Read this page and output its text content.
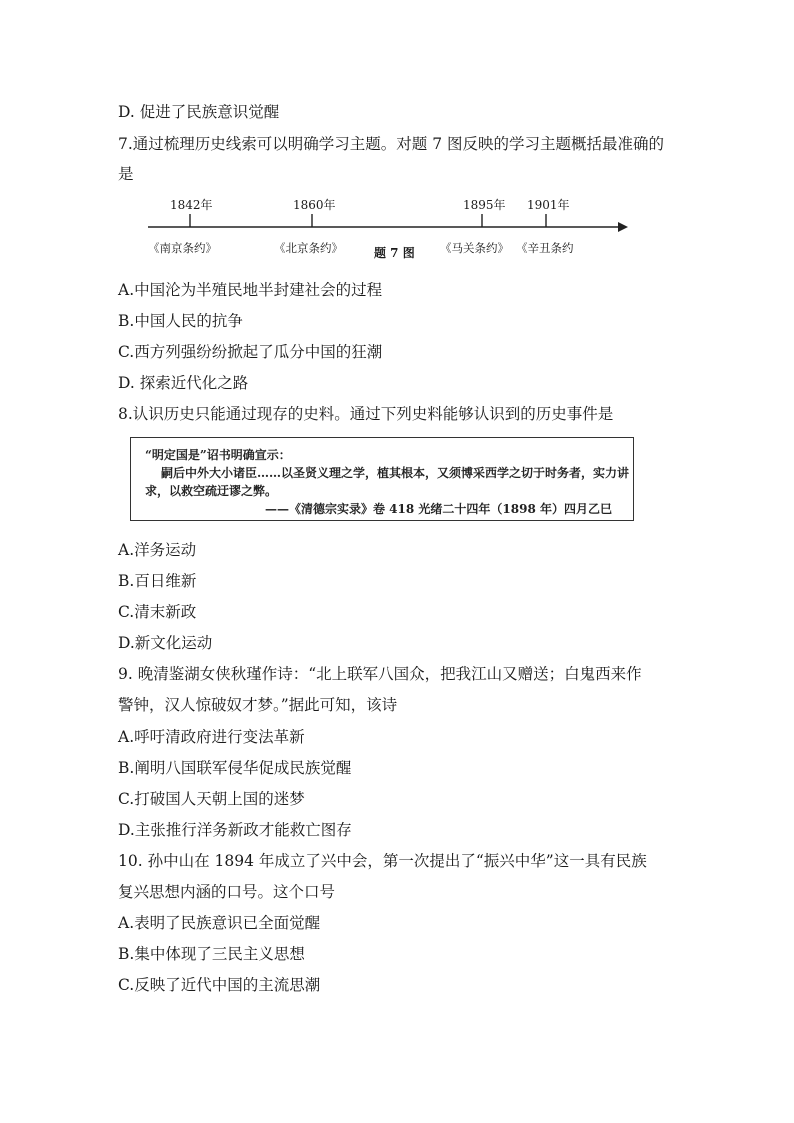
D. 促进了民族意识觉醒
7.通过梳理历史线索可以明确学习主题。对题 7 图反映的学习主题概括最准确的
是
1842年	1860年	1895年 1901年
《南京条约》	《北京条约》	题 7 图 《马关条约》 《辛丑条约
A.中国沦为半殖民地半封建社会的过程
B.中国人民的抗争
C.西方列强纷纷掀起了瓜分中国的狂潮
D. 探索近代化之路
8.认识历史只能通过现存的史料。通过下列史料能够认识到的历史事件是
“明定国是”诏书明确宣示：
嗣后中外大小诸臣……以圣贤义理之学，植其根本，又须博采西学之切于时务者，实力讲
求，以救空疏迂谬之弊。
——《清德宗实录》卷 418 光绪二十四年（1898 年）四月乙巳
A.洋务运动
B.百日维新
C.清末新政
D.新文化运动
9. 晚清鉴湖女侠秋瑾作诗：“北上联军八国众，把我江山又赠送；白鬼西来作
警钟，汉人惊破奴才梦。”据此可知，该诗
A.呼吁清政府进行变法革新
B.阐明八国联军侵华促成民族觉醒
C.打破国人天朝上国的迷梦
D.主张推行洋务新政才能救亡图存
10. 孙中山在 1894 年成立了兴中会，第一次提出了“振兴中华”这一具有民族
复兴思想内涵的口号。这个口号
A.表明了民族意识已全面觉醒
B.集中体现了三民主义思想
C.反映了近代中国的主流思潮
